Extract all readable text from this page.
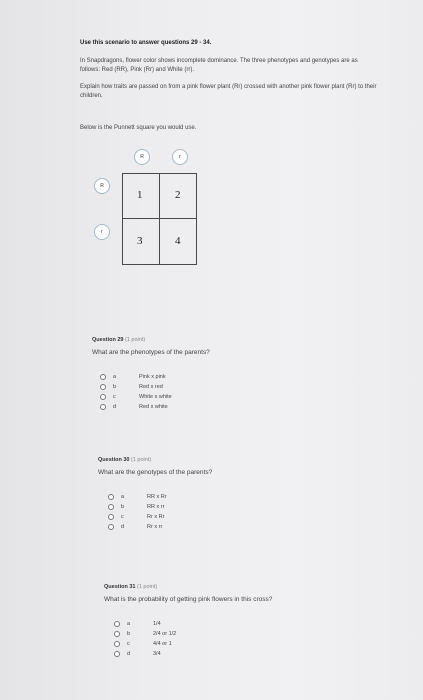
Use this scenario to answer questions 29 - 34.
In Snapdragons, flower color shows incomplete dominance. The three phenotypes and genotypes are as follows: Red (RR), Pink (Rr) and White (rr).
Explain how traits are passed on from a pink flower plant (Rr) crossed with another pink flower plant (Rr) to their children.
Below is the Punnett square you would use.
R	r
R
r
1	2
3	4
Question 29 (1 point)
What are the phenotypes of the parents?
a	Pink x pink
b	Red x red
c	White x white
d	Red x white
Question 30 (1 point)
What are the genotypes of the parents?
a	RR x Rr
b	RR x rr
c	Rr x Rr
d	Rr x rr
Question 31 (1 point)
What is the probability of getting pink flowers in this cross?
a	1/4
b	2/4 or 1/2
c	4/4 or 1
d	3/4
